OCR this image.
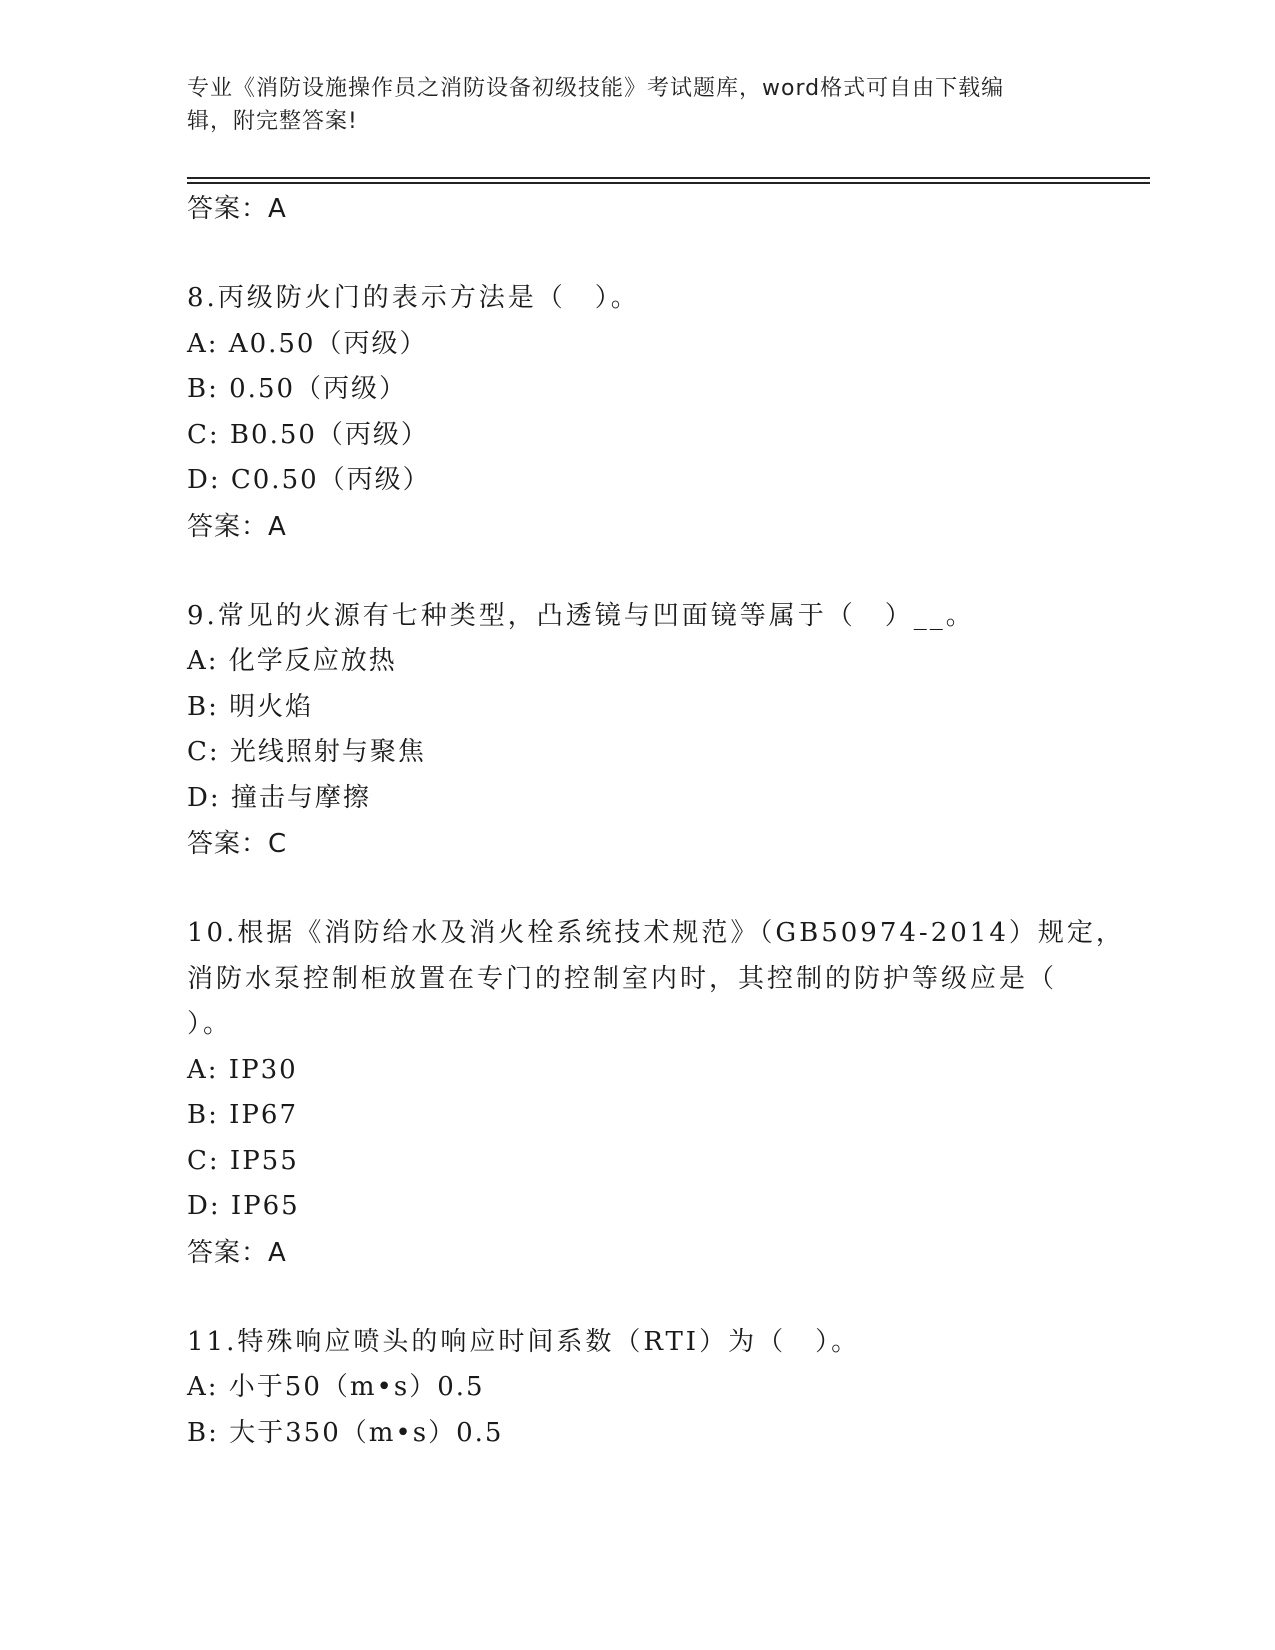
专业《消防设施操作员之消防设备初级技能》考试题库，word格式可自由下载编
辑，附完整答案!

答案：A

8.丙级防火门的表示方法是（　）。

A: A0.50（丙级）

B: 0.50（丙级）

C: B0.50（丙级）

D: C0.50（丙级）

答案：A

9.常见的火源有七种类型，凸透镜与凹面镜等属于（　）__。

A: 化学反应放热

B: 明火焰

C: 光线照射与聚焦

D: 撞击与摩擦

答案：C

10.根据《消防给水及消火栓系统技术规范》（GB50974-2014）规定，

消防水泵控制柜放置在专门的控制室内时，其控制的防护等级应是（

）。

A: IP30

B: IP67

C: IP55

D: IP65

答案：A

11.特殊响应喷头的响应时间系数（RTI）为（　）。

A: 小于50（m•s）0.5

B: 大于350（m•s）0.5
